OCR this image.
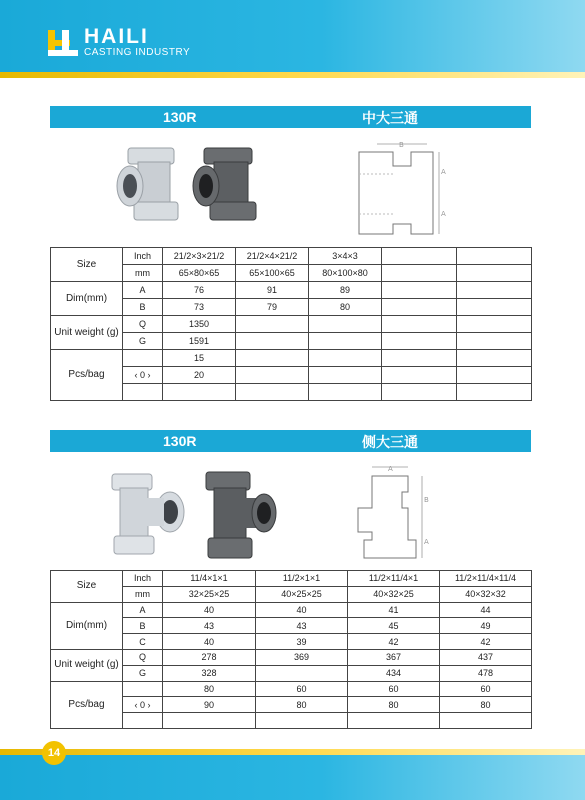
HAILI
CASTING INDUSTRY
130R	中大三通
B
A
A
Size	Inch	21/2×3×21/2	21/2×4×21/2	3×4×3		
	mm	65×80×65	65×100×65	80×100×80		
Dim(mm)	A	76	91	89		
	B	73	79	80		
Unit weight (g)	Q	1350				
	G	1591				
Pcs/bag		15				
	‹ 0 ›	20				

130R	侧大三通
A
B
A
Size	Inch	11/4×1×1	11/2×1×1	11/2×11/4×1	11/2×11/4×11/4
	mm	32×25×25	40×25×25	40×32×25	40×32×32
Dim(mm)	A	40	40	41	44
	B	43	43	45	49
	C	40	39	42	42
Unit weight (g)	Q	278	369	367	437
	G	328		434	478
Pcs/bag		80	60	60	60
	‹ 0 ›	90	80	80	80

14
